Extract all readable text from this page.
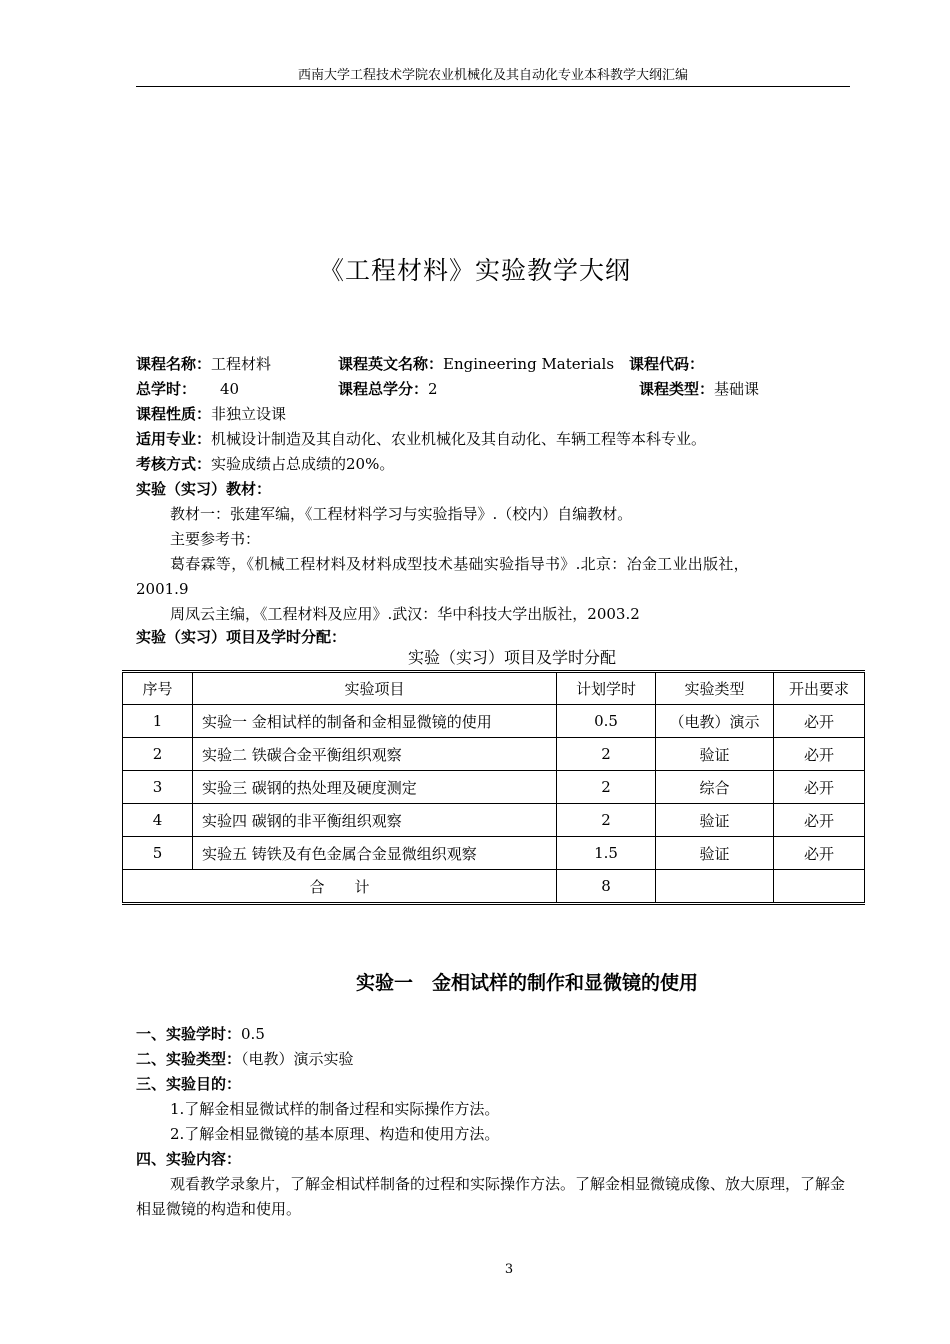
西南大学工程技术学院农业机械化及其自动化专业本科教学大纲汇编
《工程材料》实验教学大纲
课程名称：工程材料	课程英文名称：Engineering Materials 课程代码：
总学时： 40	课程总学分：2	课程类型：基础课
课程性质：非独立设课
适用专业：机械设计制造及其自动化、农业机械化及其自动化、车辆工程等本科专业。
考核方式：实验成绩占总成绩的20%。
实验（实习）教材：
教材一：张建军编，《工程材料学习与实验指导》.（校内）自编教材。
主要参考书：
葛春霖等，《机械工程材料及材料成型技术基础实验指导书》.北京：冶金工业出版社，
2001.9
周凤云主编，《工程材料及应用》.武汉：华中科技大学出版社，2003.2
实验（实习）项目及学时分配：
实验（实习）项目及学时分配
序号	实验项目	计划学时	实验类型	开出要求
1	实验一 金相试样的制备和金相显微镜的使用	0.5	（电教）演示	必开
2	实验二 铁碳合金平衡组织观察	2	验证	必开
3	实验三 碳钢的热处理及硬度测定	2	综合	必开
4	实验四 碳钢的非平衡组织观察	2	验证	必开
5	实验五 铸铁及有色金属合金显微组织观察	1.5	验证	必开
合　　计		8		
实验一　金相试样的制作和显微镜的使用
一、实验学时：0.5
二、实验类型：（电教）演示实验
三、实验目的：
1.了解金相显微试样的制备过程和实际操作方法。
2.了解金相显微镜的基本原理、构造和使用方法。
四、实验内容：
观看教学录象片，了解金相试样制备的过程和实际操作方法。了解金相显微镜成像、放大原理，了解金相显微镜的构造和使用。
3
